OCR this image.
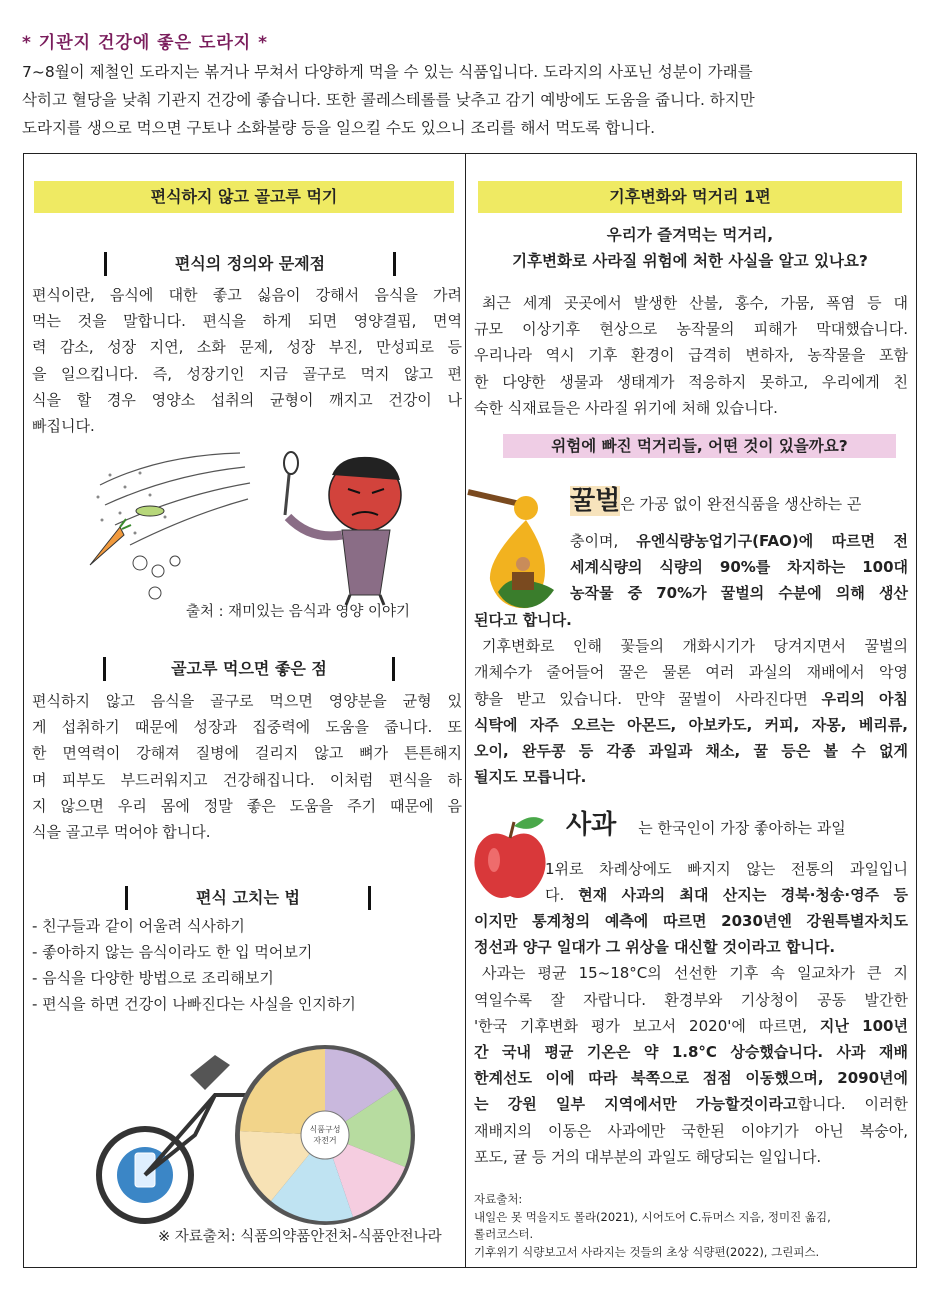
* 기관지 건강에 좋은 도라지 *
7~8월이 제철인 도라지는 볶거나 무쳐서 다양하게 먹을 수 있는 식품입니다. 도라지의 사포닌 성분이 가래를
삭히고 혈당을 낮춰 기관지 건강에 좋습니다. 또한 콜레스테롤를 낮추고 감기 예방에도 도움을 줍니다. 하지만
도라지를 생으로 먹으면 구토나 소화불량 등을 일으킬 수도 있으니 조리를 해서 먹도록 합니다.
편식하지 않고 골고루 먹기
편식의 정의와 문제점
편식이란, 음식에 대한 좋고 싫음이 강해서 음식을 가려
먹는 것을 말합니다. 편식을 하게 되면 영양결핍, 면역
력 감소, 성장 지연, 소화 문제, 성장 부진, 만성피로 등
을 일으킵니다. 즉, 성장기인 지금 골구로 먹지 않고 편
식을 할 경우 영양소 섭취의 균형이 깨지고 건강이 나
빠집니다.
출처 : 재미있는 음식과 영양 이야기
골고루 먹으면 좋은 점
편식하지 않고 음식을 골구로 먹으면 영양분을 균형 있
게 섭취하기 때문에 성장과 집중력에 도움을 줍니다. 또
한 면역력이 강해져 질병에 걸리지 않고 뼈가 튼튼해지
며 피부도 부드러워지고 건강해집니다. 이처럼 편식을 하
지 않으면 우리 몸에 정말 좋은 도움을 주기 때문에 음
식을 골고루 먹어야 합니다.
편식 고치는 법
- 친구들과 같이 어울려 식사하기
- 좋아하지 않는 음식이라도 한 입 먹어보기
- 음식을 다양한 방법으로 조리해보기
- 편식을 하면 건강이 나빠진다는 사실을 인지하기
식품구성
자전거
※ 자료출처: 식품의약품안전처-식품안전나라
기후변화와 먹거리 1편
우리가 즐겨먹는 먹거리,
기후변화로 사라질 위험에 처한 사실을 알고 있나요?
최근 세계 곳곳에서 발생한 산불, 홍수, 가뭄, 폭염 등 대
규모 이상기후 현상으로 농작물의 피해가 막대했습니다.
우리나라 역시 기후 환경이 급격히 변하자, 농작물을 포함
한 다양한 생물과 생태계가 적응하지 못하고, 우리에게 친
숙한 식재료들은 사라질 위기에 처해 있습니다.
위험에 빠진 먹거리들, 어떤 것이 있을까요?
꿀벌은 가공 없이 완전식품을 생산하는 곤
충이며, 유엔식량농업기구(FAO)에 따르면 전
세계식량의 식량의 90%를 차지하는 100대
농작물 중 70%가 꿀벌의 수분에 의해 생산
된다고 합니다.
기후변화로 인해 꽃들의 개화시기가 당겨지면서 꿀벌의
개체수가 줄어들어 꿀은 물론 여러 과실의 재배에서 악영
향을 받고 있습니다. 만약 꿀벌이 사라진다면 우리의 아침
식탁에 자주 오르는 아몬드, 아보카도, 커피, 자몽, 베리류,
오이, 완두콩 등 각종 과일과 채소, 꿀 등은 볼 수 없게
될지도 모릅니다.
사과 는 한국인이 가장 좋아하는 과일
1위로 차례상에도 빠지지 않는 전통의 과일입니
다. 현재 사과의 최대 산지는 경북·청송·영주 등
이지만 통계청의 예측에 따르면 2030년엔 강원특별자치도
정선과 양구 일대가 그 위상을 대신할 것이라고 합니다.
사과는 평균 15~18°C의 선선한 기후 속 일교차가 큰 지
역일수록 잘 자랍니다. 환경부와 기상청이 공동 발간한
'한국 기후변화 평가 보고서 2020'에 따르면, 지난 100년
간 국내 평균 기온은 약 1.8°C 상승했습니다. 사과 재배
한계선도 이에 따라 북쪽으로 점점 이동했으며, 2090년에
는 강원 일부 지역에서만 가능할것이라고합니다. 이러한
재배지의 이동은 사과에만 국한된 이야기가 아닌 복숭아,
포도, 귤 등 거의 대부분의 과일도 해당되는 일입니다.
자료출처:
내일은 못 먹을지도 몰라(2021), 시어도어 C.듀머스 지음, 정미진 옮김,
롤러코스터.
기후위기 식량보고서 사라지는 것들의 초상 식량편(2022), 그린피스.
